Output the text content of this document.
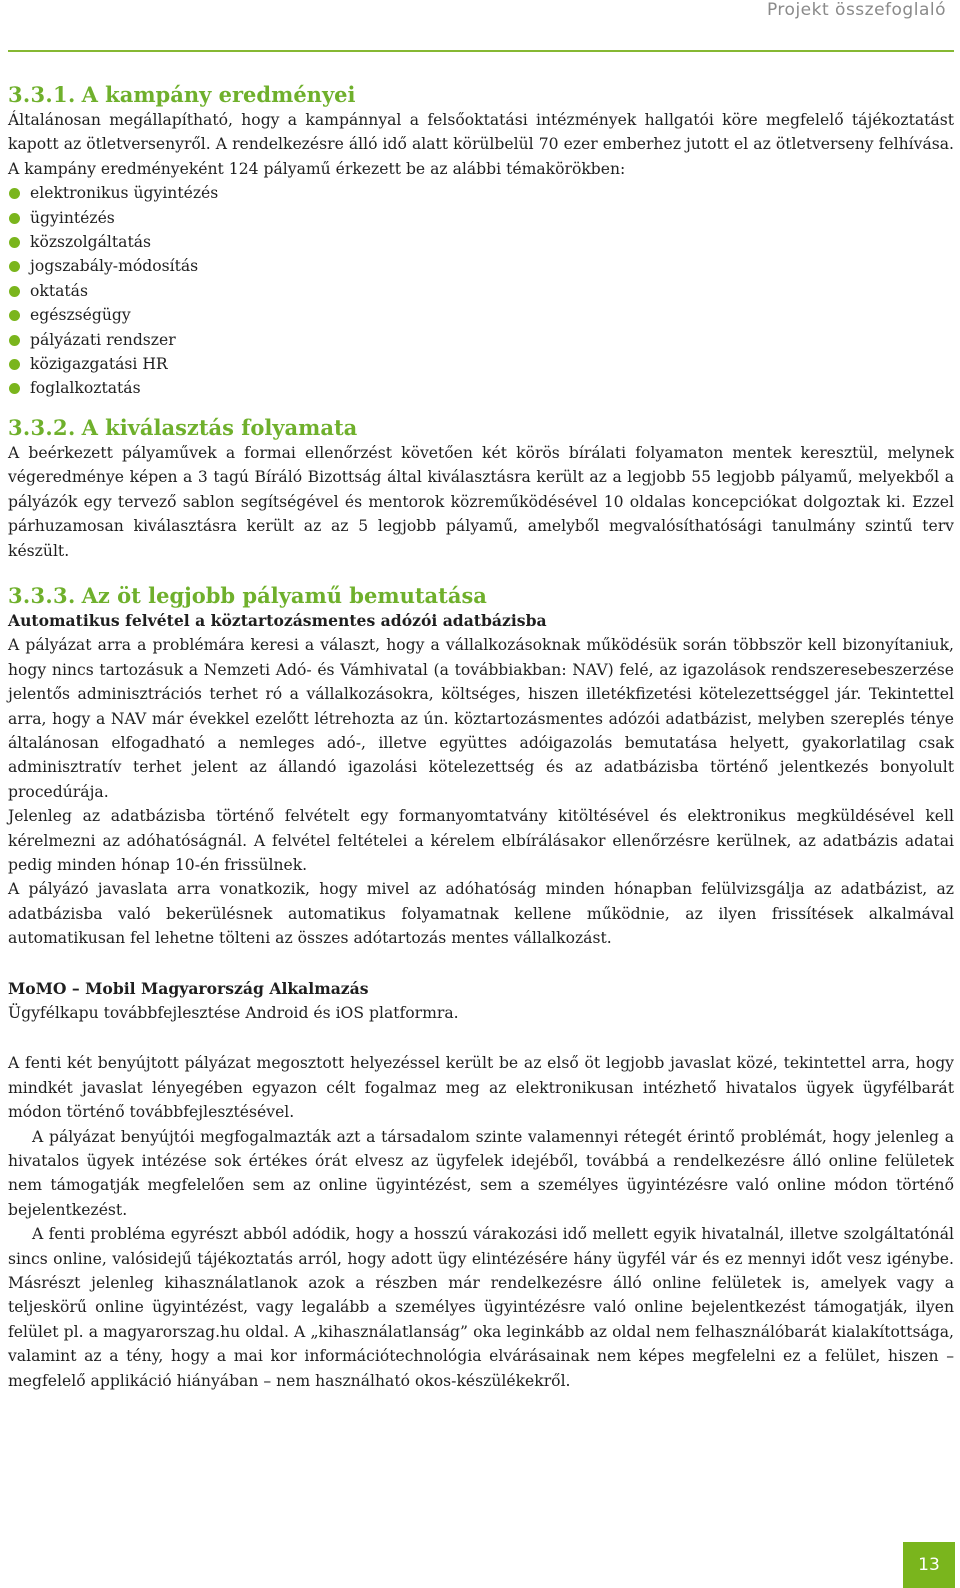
Projekt összefoglaló
3.3.1. A kampány eredményei

Általánosan megállapítható, hogy a kampánnyal a felsőoktatási intézmények hallgatói köre megfelelő tájékoztatást kapott az ötletversenyről. A rendelkezésre álló idő alatt körülbelül 70 ezer emberhez jutott el az ötletverseny felhívása. A kampány eredményeként 124 pályamű érkezett be az alábbi témakörökben:

elektronikus ügyintézés
ügyintézés
közszolgáltatás
jogszabály-módosítás
oktatás
egészségügy
pályázati rendszer
közigazgatási HR
foglalkoztatás
3.3.2. A kiválasztás folyamata

A beérkezett pályaművek a formai ellenőrzést követően két körös bírálati folyamaton mentek keresztül, melynek végeredménye képen a 3 tagú Bíráló Bizottság által kiválasztásra került az a legjobb 55 legjobb pályamű, melyekből a pályázók egy tervező sablon segítségével és mentorok közreműködésével 10 oldalas koncepciókat dolgoztak ki. Ezzel párhuzamosan kiválasztásra került az az 5 legjobb pályamű, amelyből megvalósíthatósági tanulmány szintű terv készült.

3.3.3. Az öt legjobb pályamű bemutatása
Automatikus felvétel a köztartozásmentes adózói adatbázisba

A pályázat arra a problémára keresi a választ, hogy a vállalkozásoknak működésük során többször kell bizonyítaniuk, hogy nincs tartozásuk a Nemzeti Adó- és Vámhivatal (a továbbiakban: NAV) felé, az igazolások rendszeresebeszerzése jelentős adminisztrációs terhet ró a vállalkozásokra, költséges, hiszen illetékfizetési kötelezettséggel jár. Tekintettel arra, hogy a NAV már évekkel ezelőtt létrehozta az ún. köztartozásmentes adózói adatbázist, melyben szereplés ténye általánosan elfogadható a nemleges adó-, illetve együttes adóigazolás bemutatása helyett, gyakorlatilag csak adminisztratív terhet jelent az állandó igazolási kötelezettség és az adatbázisba történő jelentkezés bonyolult procedúrája.

Jelenleg az adatbázisba történő felvételt egy formanyomtatvány kitöltésével és elektronikus megküldésével kell kérelmezni az adóhatóságnál. A felvétel feltételei a kérelem elbírálásakor ellenőrzésre kerülnek, az adatbázis adatai pedig minden hónap 10-én frissülnek.

A pályázó javaslata arra vonatkozik, hogy mivel az adóhatóság minden hónapban felülvizsgálja az adatbázist, az adatbázisba való bekerülésnek automatikus folyamatnak kellene működnie, az ilyen frissítések alkalmával automatikusan fel lehetne tölteni az összes adótartozás mentes vállalkozást.

MoMO – Mobil Magyarország Alkalmazás

Ügyfélkapu továbbfejlesztése Android és iOS platformra.

A fenti két benyújtott pályázat megosztott helyezéssel került be az első öt legjobb javaslat közé, tekintettel arra, hogy mindkét javaslat lényegében egyazon célt fogalmaz meg az elektronikusan intézhető hivatalos ügyek ügyfélbarát módon történő továbbfejlesztésével.

A pályázat benyújtói megfogalmazták azt a társadalom szinte valamennyi rétegét érintő problémát, hogy jelenleg a hivatalos ügyek intézése sok értékes órát elvesz az ügyfelek idejéből, továbbá a rendelkezésre álló online felületek nem támogatják megfelelően sem az online ügyintézést, sem a személyes ügyintézésre való online módon történő bejelentkezést.

A fenti probléma egyrészt abból adódik, hogy a hosszú várakozási idő mellett egyik hivatalnál, illetve szolgáltatónál sincs online, valósidejű tájékoztatás arról, hogy adott ügy elintézésére hány ügyfél vár és ez mennyi időt vesz igénybe. Másrészt jelenleg kihasználatlanok azok a részben már rendelkezésre álló online felületek is, amelyek vagy a teljeskörű online ügyintézést, vagy legalább a személyes ügyintézésre való online bejelentkezést támogatják, ilyen felület pl. a magyarorszag.hu oldal. A „kihasználatlanság” oka leginkább az oldal nem felhasználóbarát kialakítottsága, valamint az a tény, hogy a mai kor információtechnológia elvárásainak nem képes megfelelni ez a felület, hiszen – megfelelő applikáció hiányában – nem használható okos-készülékekről.

13
